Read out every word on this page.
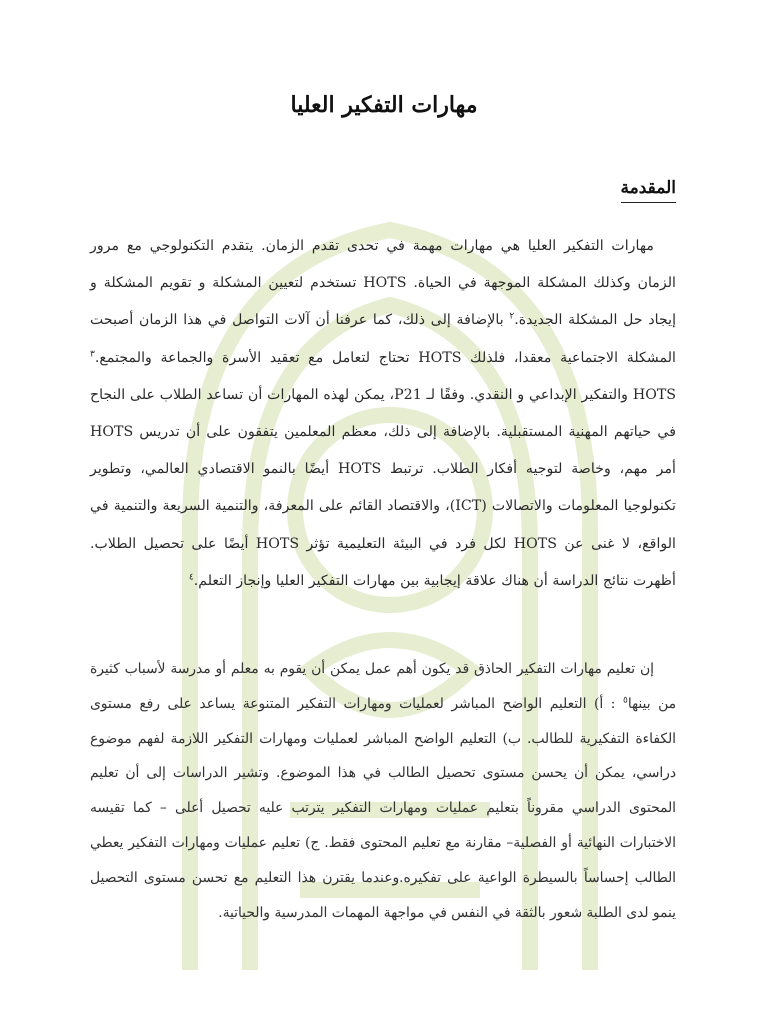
مهارات التفكير العليا
المقدمة

مهارات التفكير العليا هي مهارات مهمة في تحدى تقدم الزمان. يتقدم التكنولوجي مع مرور الزمان وكذلك المشكلة الموجهة في الحياة. HOTS تستخدم لتعيين المشكلة و تقويم المشكلة و إيجاد حل المشكلة الجديدة.$^٢$ بالإضافة إلى ذلك، كما عرفنا أن آلات التواصل في هذا الزمان أصبحت المشكلة الاجتماعية معقدا، فلذلك HOTS تحتاج لتعامل مع تعقيد الأسرة والجماعة والمجتمع.$^٣$ HOTS والتفكير الإبداعي و النقدي. وفقًا لـ P21، يمكن لهذه المهارات أن تساعد الطلاب على النجاح في حياتهم المهنية المستقبلية. بالإضافة إلى ذلك، معظم المعلمين يتفقون على أن تدريس HOTS أمر مهم، وخاصة لتوجيه أفكار الطلاب. ترتبط HOTS أيضًا بالنمو الاقتصادي العالمي، وتطوير تكنولوجيا المعلومات والاتصالات (ICT)، والاقتصاد القائم على المعرفة، والتنمية السريعة والتنمية في الواقع، لا غنى عن HOTS لكل فرد في البيئة التعليمية تؤثر HOTS أيضًا على تحصيل الطلاب. أظهرت نتائج الدراسة أن هناك علاقة إيجابية بين مهارات التفكير العليا وإنجاز التعلم.$^٤$

إن تعليم مهارات التفكير الحاذق قد يكون أهم عمل يمكن أن يقوم به معلم أو مدرسة لأسباب كثيرة من بينها$^٥$ : أ) التعليم الواضح المباشر لعمليات ومهارات التفكير المتنوعة يساعد على رفع مستوى الكفاءة التفكيرية للطالب. ب) التعليم الواضح المباشر لعمليات ومهارات التفكير اللازمة لفهم موضوع دراسي، يمكن أن يحسن مستوى تحصيل الطالب في هذا الموضوع. وتشير الدراسات إلى أن تعليم المحتوى الدراسي مقروناً بتعليم عمليات ومهارات التفكير يترتب عليه تحصيل أعلى – كما تقيسه الاختبارات النهائية أو الفصلية– مقارنة مع تعليم المحتوى فقط. ج) تعليم عمليات ومهارات التفكير يعطي الطالب إحساساً بالسيطرة الواعية على تفكيره.وعندما يقترن هذا التعليم مع تحسن مستوى التحصيل ينمو لدى الطلبة شعور بالثقة في النفس في مواجهة المهمات المدرسية والحياتية.
